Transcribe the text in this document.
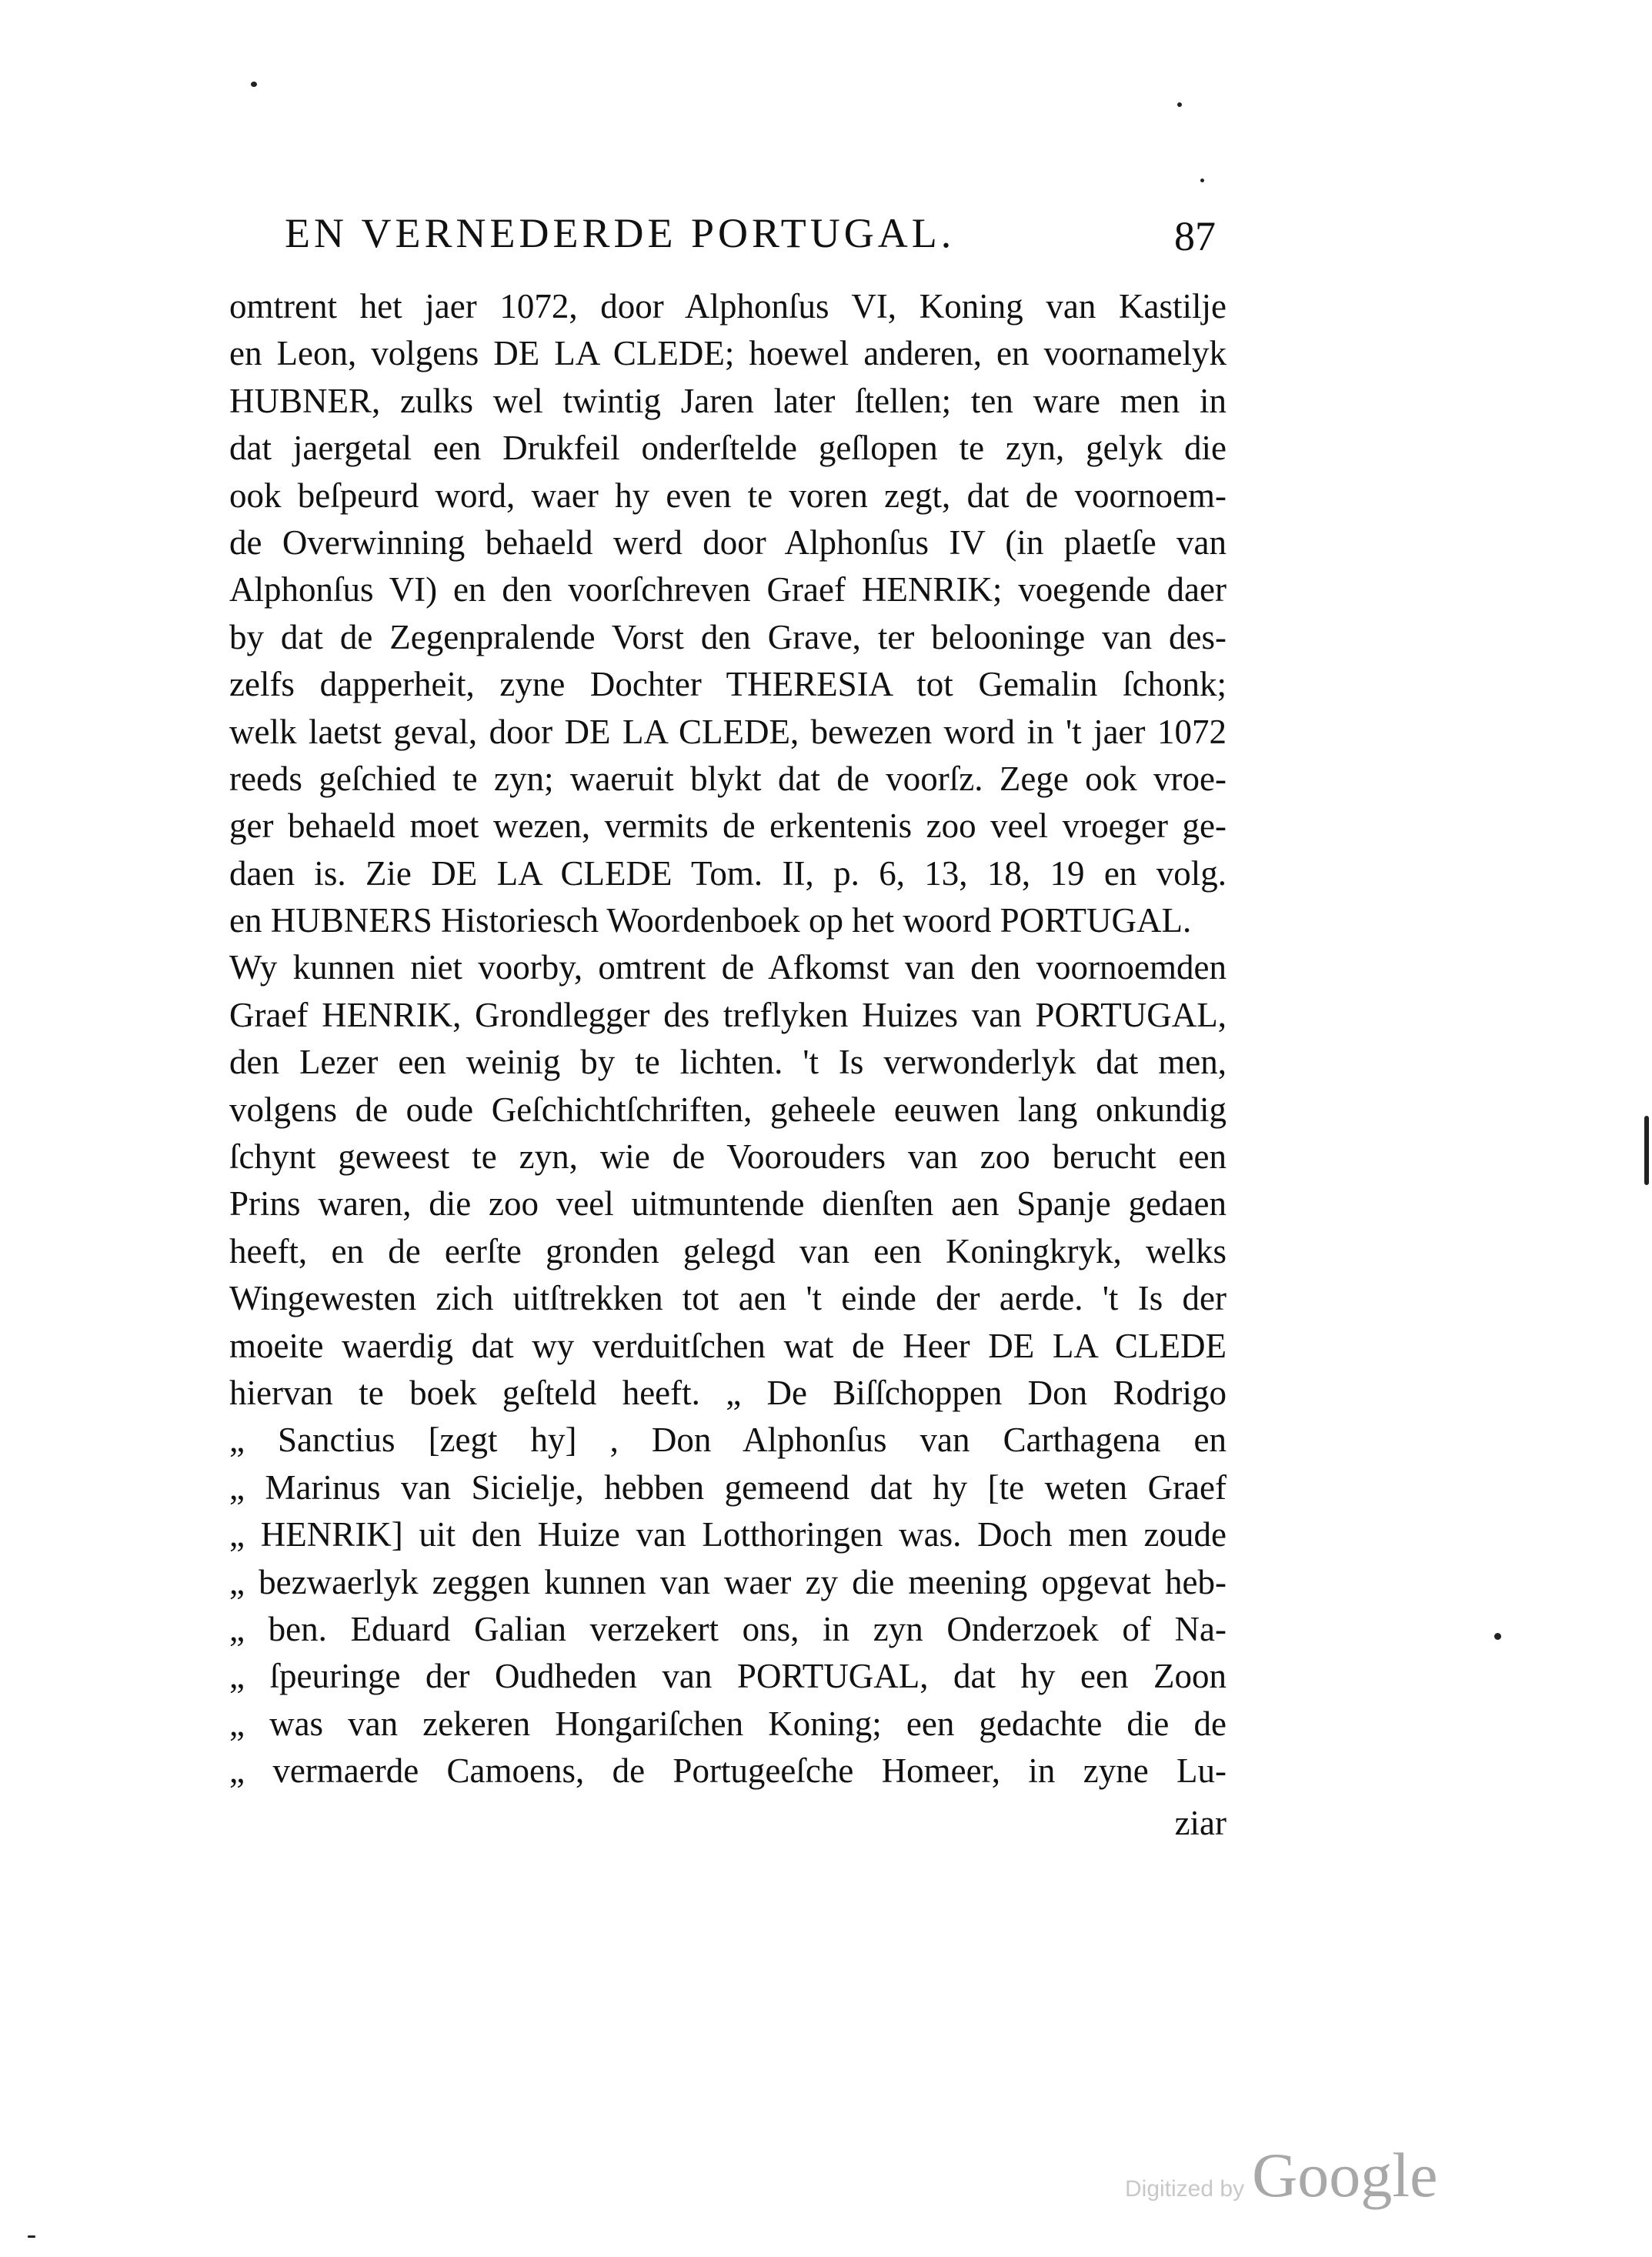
EN VERNEDERDE PORTUGAL.	87
omtrent het jaer 1072, door Alphonſus VI, Koning van Kastilje
en Leon, volgens DE LA CLEDE; hoewel anderen, en voornamelyk
HUBNER, zulks wel twintig Jaren later ſtellen; ten ware men in
dat jaergetal een Drukfeil onderſtelde geſlopen te zyn, gelyk die
ook beſpeurd word, waer hy even te voren zegt, dat de voornoem-
de Overwinning behaeld werd door Alphonſus IV (in plaetſe van
Alphonſus VI) en den voorſchreven Graef HENRIK; voegende daer
by dat de Zegenpralende Vorst den Grave, ter belooninge van des-
zelfs dapperheit, zyne Dochter THERESIA tot Gemalin ſchonk;
welk laetst geval, door DE LA CLEDE, bewezen word in 't jaer 1072
reeds geſchied te zyn; waeruit blykt dat de voorſz. Zege ook vroe-
ger behaeld moet wezen, vermits de erkentenis zoo veel vroeger ge-
daen is. Zie DE LA CLEDE Tom. II, p. 6, 13, 18, 19 en volg.
en HUBNERS Historiesch Woordenboek op het woord PORTUGAL.
Wy kunnen niet voorby, omtrent de Afkomst van den voornoemden
Graef HENRIK, Grondlegger des treflyken Huizes van PORTUGAL,
den Lezer een weinig by te lichten. 't Is verwonderlyk dat men,
volgens de oude Geſchichtſchriften, geheele eeuwen lang onkundig
ſchynt geweest te zyn, wie de Voorouders van zoo berucht een
Prins waren, die zoo veel uitmuntende dienſten aen Spanje gedaen
heeft, en de eerſte gronden gelegd van een Koningkryk, welks
Wingewesten zich uitſtrekken tot aen 't einde der aerde. 't Is der
moeite waerdig dat wy verduitſchen wat de Heer DE LA CLEDE
hiervan te boek geſteld heeft. „ De Biſſchoppen Don Rodrigo
„ Sanctius [zegt hy] , Don Alphonſus van Carthagena en
„ Marinus van Sicielje, hebben gemeend dat hy [te weten Graef
„ HENRIK] uit den Huize van Lotthoringen was. Doch men zoude
„ bezwaerlyk zeggen kunnen van waer zy die meening opgevat heb-
„ ben. Eduard Galian verzekert ons, in zyn Onderzoek of Na-
„ ſpeuringe der Oudheden van PORTUGAL, dat hy een Zoon
„ was van zekeren Hongariſchen Koning; een gedachte die de
„ vermaerde Camoens, de Portugeeſche Homeer, in zyne Lu-
ziar
Digitized by Google
